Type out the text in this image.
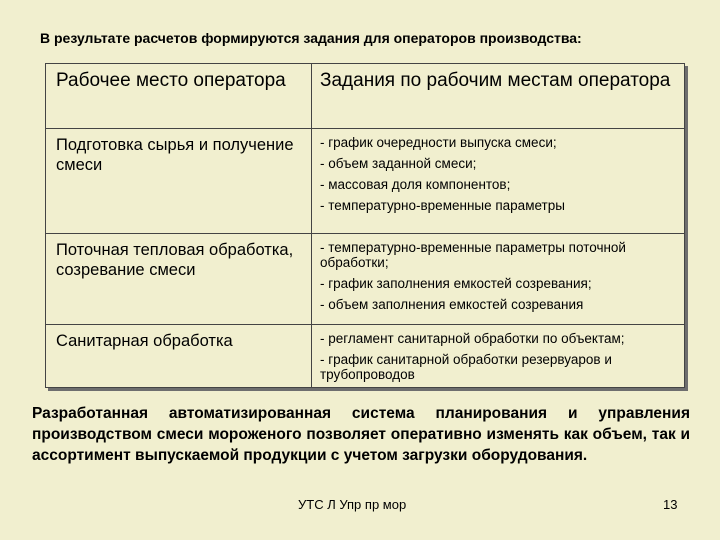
В результате расчетов формируются задания для операторов производства:
Рабочее место оператора	Задания по рабочим местам оператора
Подготовка сырья и получение смеси	- график очередности выпуска смеси;
- объем заданной смеси;
- массовая доля компонентов;
- температурно-временные параметры

Поточная тепловая обработка, созревание смеси	- температурно-временные параметры поточной обработки;
- график заполнения емкостей созревания;
- объем заполнения емкостей созревания

Санитарная обработка	- регламент санитарной обработки по объектам;
- график санитарной обработки резервуаров и трубопроводов
Разработанная автоматизированная система планирования и управления производством смеси мороженого позволяет оперативно изменять как объем, так и ассортимент выпускаемой продукции с учетом загрузки оборудования.
УТС Л Упр пр мор	13
